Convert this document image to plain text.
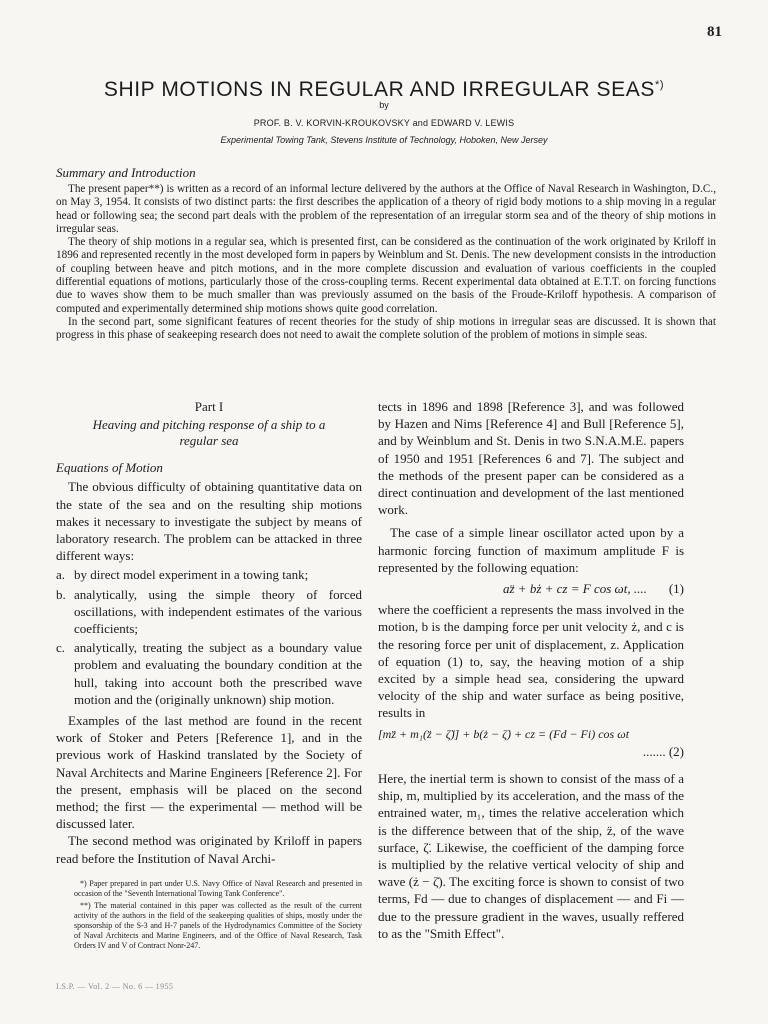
81
SHIP MOTIONS IN REGULAR AND IRREGULAR SEAS*)
by
PROF. B. V. KORVIN-KROUKOVSKY and EDWARD V. LEWIS
Experimental Towing Tank, Stevens Institute of Technology, Hoboken, New Jersey
Summary and Introduction

The present paper**) is written as a record of an informal lecture delivered by the authors at the Office of Naval Research in Washington, D.C., on May 3, 1954. It consists of two distinct parts: the first describes the application of a theory of rigid body motions to a ship moving in a regular head or following sea; the second part deals with the problem of the representation of an irregular storm sea and of the theory of ship motions in irregular seas.

The theory of ship motions in a regular sea, which is presented first, can be considered as the continuation of the work originated by Kriloff in 1896 and represented recently in the most developed form in papers by Weinblum and St. Denis. The new development consists in the introduction of coupling between heave and pitch motions, and in the more complete discussion and evaluation of various coefficients in the coupled differential equations of motions, particularly those of the cross-coupling terms. Recent experimental data obtained at E.T.T. on forcing functions due to waves show them to be much smaller than was previously assumed on the basis of the Froude-Kriloff hypothesis. A comparison of computed and experimentally determined ship motions shows quite good correlation.

In the second part, some significant features of recent theories for the study of ship motions in irregular seas are discussed. It is shown that progress in this phase of seakeeping research does not need to await the complete solution of the problem of motions in simple seas.

Part I

Heaving and pitching response of a ship to a regular sea

Equations of Motion

The obvious difficulty of obtaining quantitative data on the state of the sea and on the resulting ship motions makes it necessary to investigate the subject by means of laboratory research. The problem can be attacked in three different ways:

a. by direct model experiment in a towing tank;
b. analytically, using the simple theory of forced oscillations, with independent estimates of the various coefficients;
c. analytically, treating the subject as a boundary value problem and evaluating the boundary condition at the hull, taking into account both the prescribed wave motion and the (originally unknown) ship motion.

Examples of the last method are found in the recent work of Stoker and Peters [Reference 1], and in the previous work of Haskind translated by the Society of Naval Architects and Marine Engineers [Reference 2]. For the present, emphasis will be placed on the second method; the first — the experimental — method will be discussed later.

The second method was originated by Kriloff in papers read before the Institution of Naval Archi-

*) Paper prepared in part under U.S. Navy Office of Naval Research and presented in occasion of the "Seventh International Towing Tank Conference".

**) The material contained in this paper was collected as the result of the current activity of the authors in the field of the seakeeping qualities of ships, mostly under the sponsorship of the S-3 and H-7 panels of the Hydrodynamics Committee of the Society of Naval Architects and Marine Engineers, and of the Office of Naval Research, Task Orders IV and V of Contract Nonr-247.

tects in 1896 and 1898 [Reference 3], and was followed by Hazen and Nims [Reference 4] and Bull [Reference 5], and by Weinblum and St. Denis in two S.N.A.M.E. papers of 1950 and 1951 [References 6 and 7]. The subject and the methods of the present paper can be considered as a direct continuation and development of the last mentioned work.

The case of a simple linear oscillator acted upon by a harmonic forcing function of maximum amplitude F is represented by the following equation:

az̈ + bż + cz = F cos ωt, .... (1)

where the coefficient a represents the mass involved in the motion, b is the damping force per unit velocity ż, and c is the resoring force per unit of displacement, z. Application of equation (1) to, say, the heaving motion of a ship excited by a simple head sea, considering the upward velocity of the ship and water surface as being positive, results in

[mz̈ + m₁(z̈ − ζ̈)] + b(ż − ζ̇) + cz = (Fd − Fi) cos ωt
....... (2)

Here, the inertial term is shown to consist of the mass of a ship, m, multiplied by its acceleration, and the mass of the entrained water, m₁, times the relative acceleration which is the difference between that of the ship, z̈, of the wave surface, ζ̈. Likewise, the coefficient of the damping force is multiplied by the relative vertical velocity of ship and wave (ż − ζ̇). The exciting force is shown to consist of two terms, Fd — due to changes of displacement — and Fi — due to the pressure gradient in the waves, usually reffered to as the "Smith Effect".

I.S.P. — Vol. 2 — No. 6 — 1955
